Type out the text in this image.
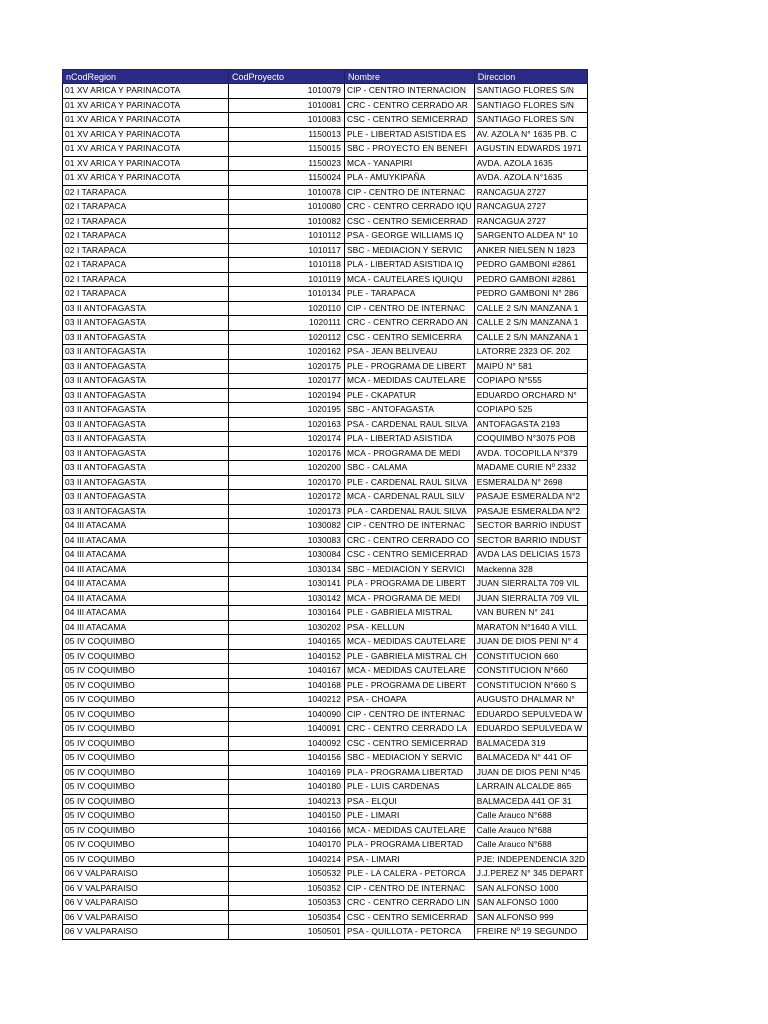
nCodRegion	CodProyecto	Nombre	Direccion
01 XV ARICA Y PARINACOTA	1010079	CIP - CENTRO INTERNACION	SANTIAGO FLORES S/N
01 XV ARICA Y PARINACOTA	1010081	CRC - CENTRO CERRADO AR	SANTIAGO FLORES S/N
01 XV ARICA Y PARINACOTA	1010083	CSC - CENTRO SEMICERRAD	SANTIAGO FLORES S/N
01 XV ARICA Y PARINACOTA	1150013	PLE - LIBERTAD ASISTIDA ES	AV. AZOLA N° 1635 PB. C
01 XV ARICA Y PARINACOTA	1150015	SBC - PROYECTO EN BENEFI	AGUSTIN EDWARDS 1971
01 XV ARICA Y PARINACOTA	1150023	MCA - YANAPIRI	AVDA. AZOLA 1635
01 XV ARICA Y PARINACOTA	1150024	PLA - AMUYKIPAÑA	AVDA. AZOLA N°1635
02 I TARAPACA	1010078	CIP - CENTRO DE INTERNAC	RANCAGUA 2727
02 I TARAPACA	1010080	CRC - CENTRO CERRADO IQU	RANCAGUA 2727
02 I TARAPACA	1010082	CSC - CENTRO SEMICERRAD	RANCAGUA 2727
02 I TARAPACA	1010112	PSA - GEORGE WILLIAMS IQ	SARGENTO ALDEA N° 10
02 I TARAPACA	1010117	SBC - MEDIACION Y SERVIC	ANKER NIELSEN N 1823
02 I TARAPACA	1010118	PLA - LIBERTAD ASISTIDA IQ	PEDRO GAMBONI #2861
02 I TARAPACA	1010119	MCA - CAUTELARES IQUIQU	PEDRO GAMBONI #2861
02 I TARAPACA	1010134	PLE - TARAPACA	PEDRO GAMBONI N° 286
03 II ANTOFAGASTA	1020110	CIP - CENTRO DE INTERNAC	CALLE 2 S/N MANZANA 1
03 II ANTOFAGASTA	1020111	CRC - CENTRO CERRADO AN	CALLE 2 S/N MANZANA 1
03 II ANTOFAGASTA	1020112	CSC - CENTRO SEMICERRA	CALLE 2 S/N MANZANA 1
03 II ANTOFAGASTA	1020162	PSA - JEAN BELIVEAU	LATORRE 2323 OF. 202
03 II ANTOFAGASTA	1020175	PLE - PROGRAMA DE LIBERT	MAIPÚ N° 581
03 II ANTOFAGASTA	1020177	MCA - MEDIDAS CAUTELARE	COPIAPO N°555
03 II ANTOFAGASTA	1020194	PLE - CKAPATUR	EDUARDO ORCHARD N°
03 II ANTOFAGASTA	1020195	SBC - ANTOFAGASTA	COPIAPO 525
03 II ANTOFAGASTA	1020163	PSA - CARDENAL RAUL SILVA	ANTOFAGASTA 2193
03 II ANTOFAGASTA	1020174	PLA - LIBERTAD ASISTIDA	COQUIMBO N°3075 POB
03 II ANTOFAGASTA	1020176	MCA - PROGRAMA DE MEDI	AVDA. TOCOPILLA N°379
03 II ANTOFAGASTA	1020200	SBC - CALAMA	MADAME CURIE Nº 2332
03 II ANTOFAGASTA	1020170	PLE - CARDENAL RAUL SILVA	ESMERALDA N° 2698
03 II ANTOFAGASTA	1020172	MCA - CARDENAL RAUL SILV	PASAJE ESMERALDA N°2
03 II ANTOFAGASTA	1020173	PLA - CARDENAL RAUL SILVA	PASAJE ESMERALDA N°2
04 III ATACAMA	1030082	CIP - CENTRO DE INTERNAC	SECTOR BARRIO INDUST
04 III ATACAMA	1030083	CRC - CENTRO CERRADO CO	SECTOR BARRIO INDUST
04 III ATACAMA	1030084	CSC - CENTRO SEMICERRAD	AVDA LAS DELICIAS 1573
04 III ATACAMA	1030134	SBC - MEDIACION Y SERVICI	Mackenna 328
04 III ATACAMA	1030141	PLA - PROGRAMA DE LIBERT	JUAN SIERRALTA 709 VIL
04 III ATACAMA	1030142	MCA - PROGRAMA DE MEDI	JUAN SIERRALTA 709 VIL
04 III ATACAMA	1030164	PLE - GABRIELA MISTRAL	VAN BUREN N° 241
04 III ATACAMA	1030202	PSA - KELLUN	MARATON N°1640 A VILL
05 IV COQUIMBO	1040165	MCA - MEDIDAS CAUTELARE	JUAN DE DIOS PENI N° 4
05 IV COQUIMBO	1040152	PLE - GABRIELA MISTRAL CH	CONSTITUCION 660
05 IV COQUIMBO	1040167	MCA - MEDIDAS CAUTELARE	CONSTITUCION N°660
05 IV COQUIMBO	1040168	PLE - PROGRAMA DE LIBERT	CONSTITUCION N°660 S
05 IV COQUIMBO	1040212	PSA - CHOAPA	AUGUSTO DHALMAR N°
05 IV COQUIMBO	1040090	CIP - CENTRO DE INTERNAC	EDUARDO SEPULVEDA W
05 IV COQUIMBO	1040091	CRC - CENTRO CERRADO LA	EDUARDO SEPULVEDA W
05 IV COQUIMBO	1040092	CSC - CENTRO SEMICERRAD	BALMACEDA 319
05 IV COQUIMBO	1040156	SBC - MEDIACION Y SERVIC	BALMACEDA N° 441 OF
05 IV COQUIMBO	1040169	PLA - PROGRAMA LIBERTAD	JUAN DE DIOS PENI N°45
05 IV COQUIMBO	1040180	PLE - LUIS CARDENAS	LARRAIN ALCALDE 865
05 IV COQUIMBO	1040213	PSA - ELQUI	BALMACEDA 441 OF 31
05 IV COQUIMBO	1040150	PLE - LIMARI	Calle Arauco N°688
05 IV COQUIMBO	1040166	MCA - MEDIDAS CAUTELARE	Calle Arauco N°688
05 IV COQUIMBO	1040170	PLA - PROGRAMA LIBERTAD	Calle Arauco N°688
05 IV COQUIMBO	1040214	PSA - LIMARI	PJE: INDEPENDENCIA 32D
06 V VALPARAISO	1050532	PLE - LA CALERA - PETORCA	J.J.PEREZ N° 345 DEPART
06 V VALPARAISO	1050352	CIP - CENTRO DE INTERNAC	SAN ALFONSO 1000
06 V VALPARAISO	1050353	CRC - CENTRO CERRADO LIN	SAN ALFONSO 1000
06 V VALPARAISO	1050354	CSC - CENTRO SEMICERRAD	SAN ALFONSO 999
06 V VALPARAISO	1050501	PSA - QUILLOTA - PETORCA	FREIRE Nº 19 SEGUNDO
